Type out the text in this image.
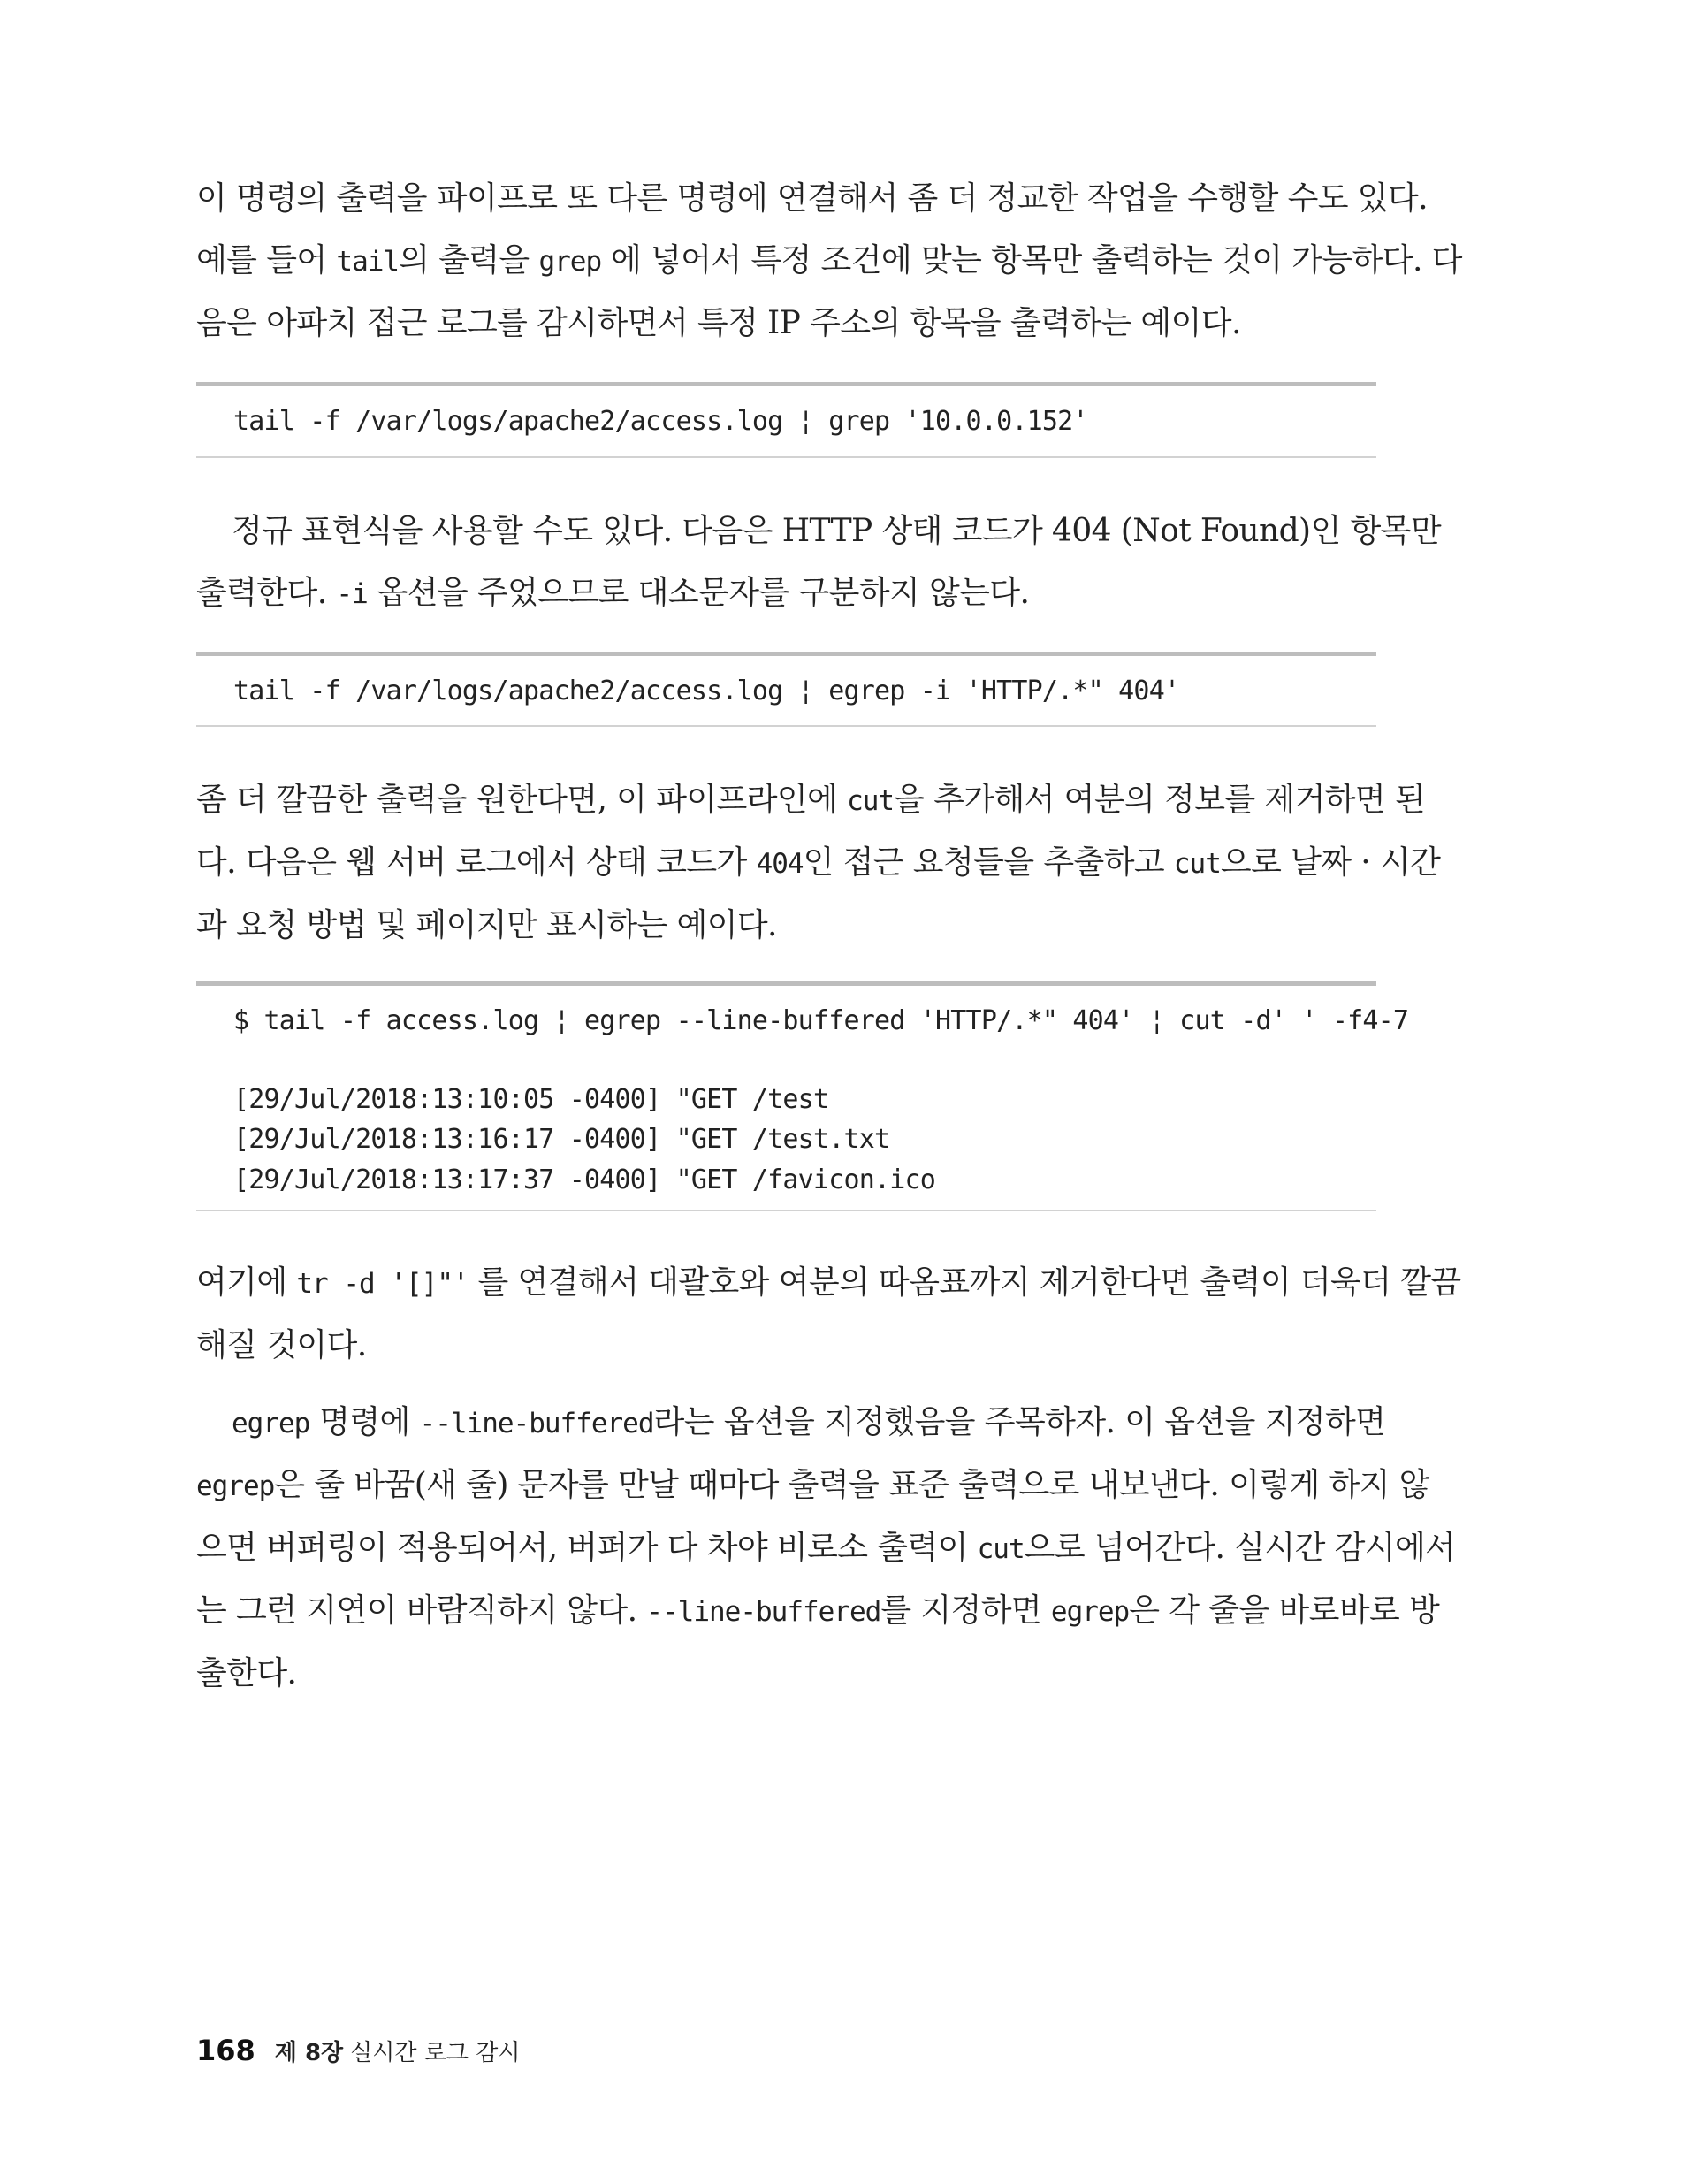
이 명령의 출력을 파이프로 또 다른 명령에 연결해서 좀 더 정교한 작업을 수행할 수도 있다.
예를 들어 tail의 출력을 grep 에 넣어서 특정 조건에 맞는 항목만 출력하는 것이 가능하다. 다
음은 아파치 접근 로그를 감시하면서 특정 IP 주소의 항목을 출력하는 예이다.
tail -f /var/logs/apache2/access.log ¦ grep '10.0.0.152'
정규 표현식을 사용할 수도 있다. 다음은 HTTP 상태 코드가 404 (Not Found)인 항목만
출력한다. -i 옵션을 주었으므로 대소문자를 구분하지 않는다.
tail -f /var/logs/apache2/access.log ¦ egrep -i 'HTTP/.*" 404'
좀 더 깔끔한 출력을 원한다면, 이 파이프라인에 cut을 추가해서 여분의 정보를 제거하면 된
다. 다음은 웹 서버 로그에서 상태 코드가 404인 접근 요청들을 추출하고 cut으로 날짜 · 시간
과 요청 방법 및 페이지만 표시하는 예이다.
$ tail -f access.log ¦ egrep --line-buffered 'HTTP/.*" 404' ¦ cut -d' ' -f4-7
[29/Jul/2018:13:10:05 -0400] "GET /test
[29/Jul/2018:13:16:17 -0400] "GET /test.txt
[29/Jul/2018:13:17:37 -0400] "GET /favicon.ico
여기에 tr -d '[]"' 를 연결해서 대괄호와 여분의 따옴표까지 제거한다면 출력이 더욱더 깔끔
해질 것이다.
egrep 명령에 --line-buffered라는 옵션을 지정했음을 주목하자. 이 옵션을 지정하면
egrep은 줄 바꿈(새 줄) 문자를 만날 때마다 출력을 표준 출력으로 내보낸다. 이렇게 하지 않
으면 버퍼링이 적용되어서, 버퍼가 다 차야 비로소 출력이 cut으로 넘어간다. 실시간 감시에서
는 그런 지연이 바람직하지 않다. --line-buffered를 지정하면 egrep은 각 줄을 바로바로 방
출한다.
168 제 8장 실시간 로그 감시
